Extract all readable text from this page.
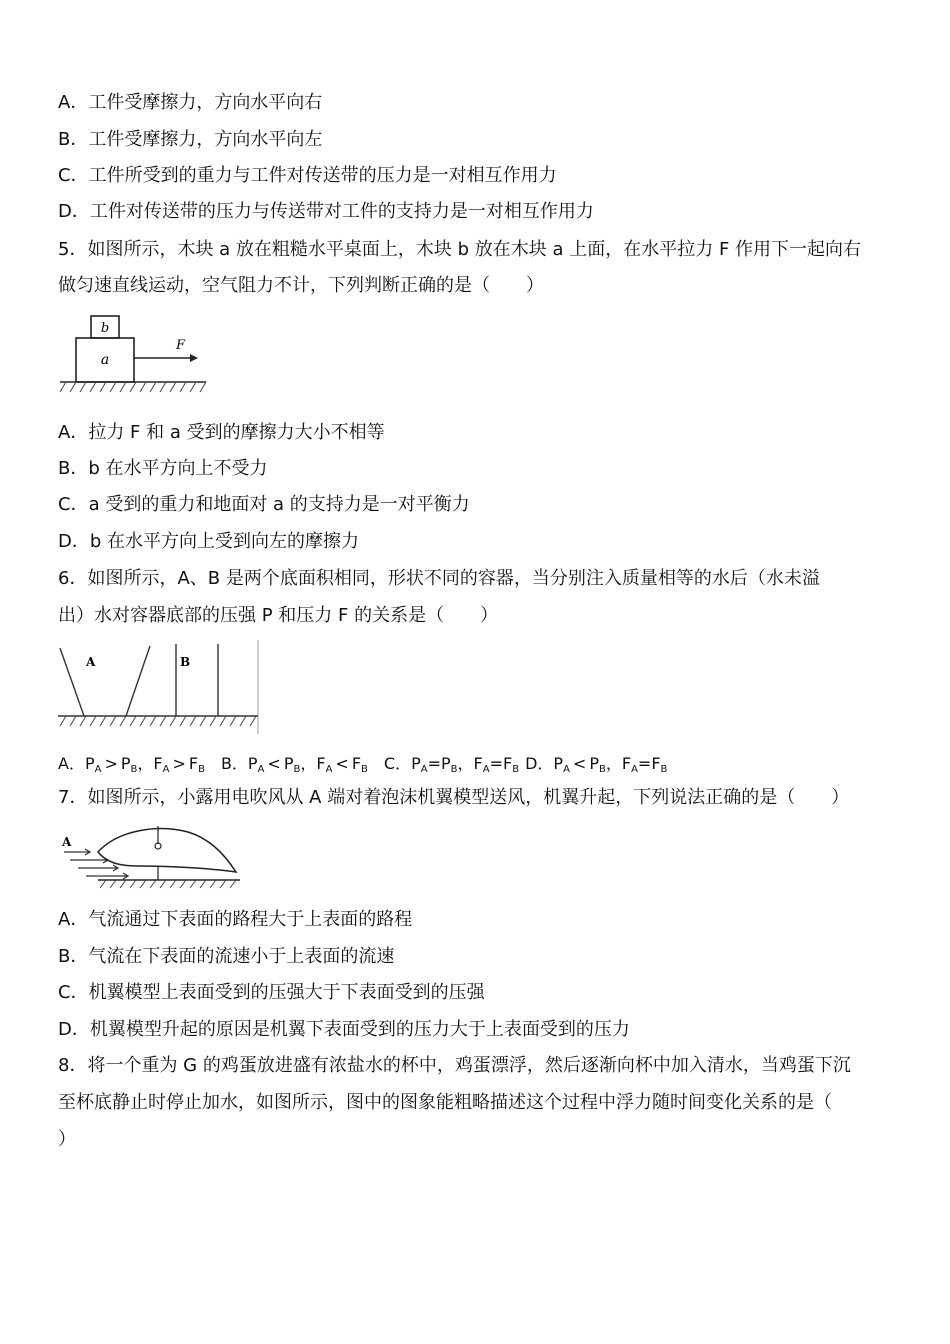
A．工件受摩擦力，方向水平向右
B．工件受摩擦力，方向水平向左
C．工件所受到的重力与工件对传送带的压力是一对相互作用力
D．工件对传送带的压力与传送带对工件的支持力是一对相互作用力
5．如图所示，木块 a 放在粗糙水平桌面上，木块 b 放在木块 a 上面，在水平拉力 F 作用下一起向右
做匀速直线运动，空气阻力不计，下列判断正确的是（　　）
b
a
F
A．拉力 F 和 a 受到的摩擦力大小不相等
B．b 在水平方向上不受力
C．a 受到的重力和地面对 a 的支持力是一对平衡力
D．b 在水平方向上受到向左的摩擦力
6．如图所示，A、B 是两个底面积相同，形状不同的容器，当分别注入质量相等的水后（水未溢
出）水对容器底部的压强 P 和压力 F 的关系是（　　）
A	B
A．$P_A > P_B$，$F_A > F_B$ B．$P_A < P_B$，$F_A < F_B$ C．$P_A=P_B$，$F_A=F_B$ D．$P_A < P_B$，$F_A=F_B$
7．如图所示，小露用电吹风从 A 端对着泡沫机翼模型送风，机翼升起，下列说法正确的是（　　）
A
A．气流通过下表面的路程大于上表面的路程
B．气流在下表面的流速小于上表面的流速
C．机翼模型上表面受到的压强大于下表面受到的压强
D．机翼模型升起的原因是机翼下表面受到的压力大于上表面受到的压力
8．将一个重为 G 的鸡蛋放进盛有浓盐水的杯中，鸡蛋漂浮，然后逐渐向杯中加入清水，当鸡蛋下沉
至杯底静止时停止加水，如图所示，图中的图象能粗略描述这个过程中浮力随时间变化关系的是（
）
